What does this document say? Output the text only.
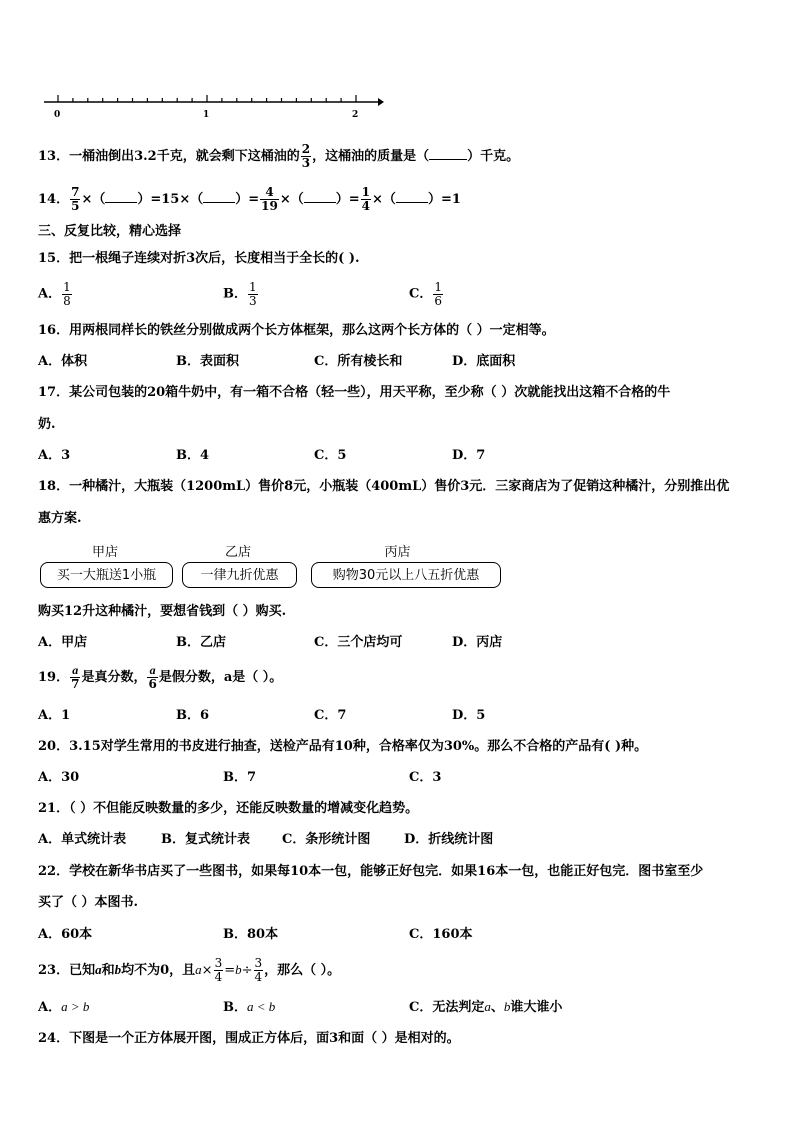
0	1	2
13．一桶油倒出3.2千克，就会剩下这桶油的 $\frac{2}{3}$ ，这桶油的质量是（	）千克。
14． $\frac{7}{5}$ ×（ ）=15×（ ）= $\frac{4}{19}$ ×（ ）= $\frac{1}{4}$ ×（ ）=1
三、反复比较，精心选择
15．把一根绳子连续对折3次后，长度相当于全长的( ).
A． $\frac{1}{8}$	B． $\frac{1}{3}$	C． $\frac{1}{6}$
16．用两根同样长的铁丝分别做成两个长方体框架，那么这两个长方体的（ ）一定相等。
A．体积	B．表面积	C．所有棱长和	D．底面积
17．某公司包装的20箱牛奶中，有一箱不合格（轻一些），用天平称，至少称（ ）次就能找出这箱不合格的牛
奶.
A．3	B．4	C．5	D．7
18．一种橘汁，大瓶装（1200mL）售价8元，小瓶装（400mL）售价3元．三家商店为了促销这种橘汁，分别推出优
惠方案.
甲店	乙店	丙店
买一大瓶送1小瓶	一律九折优惠	购物30元以上八五折优惠
购买12升这种橘汁，要想省钱到（ ）购买.
A．甲店	B．乙店	C．三个店均可	D．丙店
19． $\frac{a}{7}$ 是真分数， $\frac{a}{6}$ 是假分数，a是（ ）。
A．1	B．6	C．7	D．5
20．3.15对学生常用的书皮进行抽查，送检产品有10种，合格率仅为30%。那么不合格的产品有( )种。
A．30	B．7	C．3
21．（ ）不但能反映数量的多少，还能反映数量的增减变化趋势。
A．单式统计表	B．复式统计表 C．条形统计图	D．折线统计图
22．学校在新华书店买了一些图书，如果每10本一包，能够正好包完．如果16本一包，也能正好包完．图书室至少
买了（ ）本图书.
A．60本	B．80本	C．160本
23．已知a和b均不为0，且$a\times \frac{3}{4} =b\div \frac{3}{4}$ ，那么（ ）。
A．a > b	B．a < b	C．无法判定a、b谁大谁小
24．下图是一个正方体展开图，围成正方体后，面3和面（ ）是相对的。
